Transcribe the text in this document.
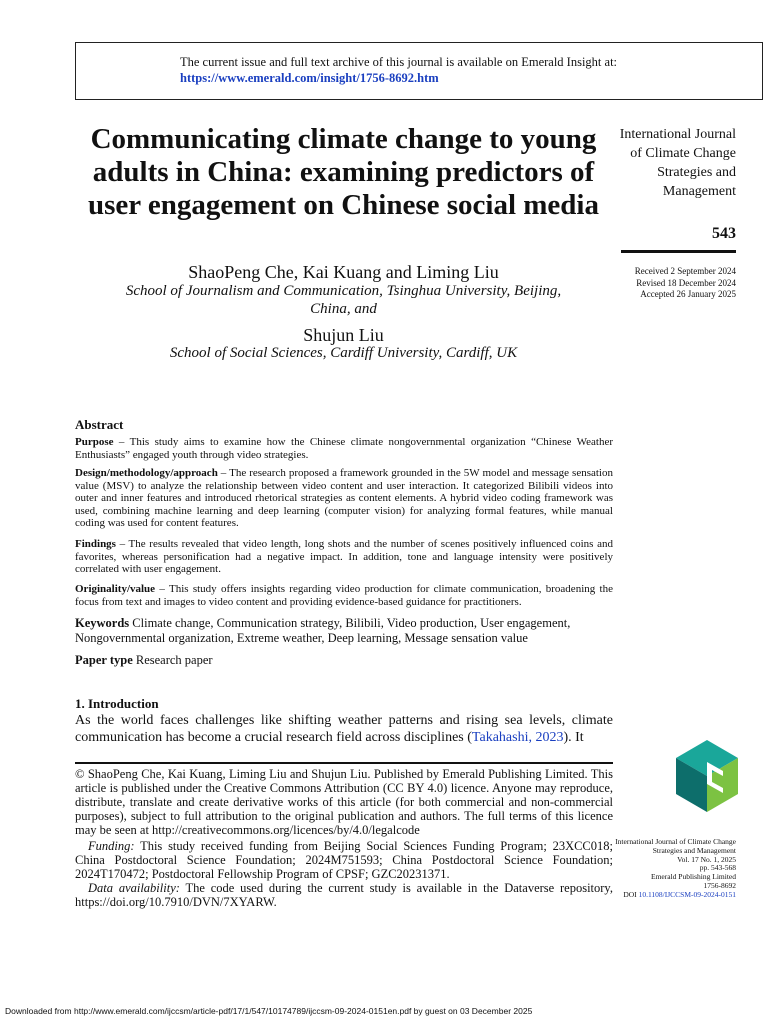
The current issue and full text archive of this journal is available on Emerald Insight at:
https://www.emerald.com/insight/1756-8692.htm
Communicating climate change to young adults in China: examining predictors of user engagement on Chinese social media
ShaoPeng Che, Kai Kuang and Liming Liu
School of Journalism and Communication, Tsinghua University, Beijing, China, and
Shujun Liu
School of Social Sciences, Cardiff University, Cardiff, UK
International Journal of Climate Change Strategies and Management
543
Received 2 September 2024
Revised 18 December 2024
Accepted 26 January 2025
Abstract
Purpose – This study aims to examine how the Chinese climate nongovernmental organization “Chinese Weather Enthusiasts” engaged youth through video strategies.
Design/methodology/approach – The research proposed a framework grounded in the 5W model and message sensation value (MSV) to analyze the relationship between video content and user interaction. It categorized Bilibili videos into outer and inner features and introduced rhetorical strategies as content elements. A hybrid video coding framework was used, combining machine learning and deep learning (computer vision) for analyzing formal features, while manual coding was used for content features.
Findings – The results revealed that video length, long shots and the number of scenes positively influenced coins and favorites, whereas personification had a negative impact. In addition, tone and language intensity were positively correlated with user engagement.
Originality/value – This study offers insights regarding video production for climate communication, broadening the focus from text and images to video content and providing evidence-based guidance for practitioners.
Keywords Climate change, Communication strategy, Bilibili, Video production, User engagement, Nongovernmental organization, Extreme weather, Deep learning, Message sensation value
Paper type Research paper
1. Introduction
As the world faces challenges like shifting weather patterns and rising sea levels, climate communication has become a crucial research field across disciplines (Takahashi, 2023). It
© ShaoPeng Che, Kai Kuang, Liming Liu and Shujun Liu. Published by Emerald Publishing Limited. This article is published under the Creative Commons Attribution (CC BY 4.0) licence. Anyone may reproduce, distribute, translate and create derivative works of this article (for both commercial and non-commercial purposes), subject to full attribution to the original publication and authors. The full terms of this licence may be seen at http://creativecommons.org/licences/by/4.0/legalcode
Funding: This study received funding from Beijing Social Sciences Funding Program; 23XCC018; China Postdoctoral Science Foundation; 2024M751593; China Postdoctoral Science Foundation; 2024T170472; Postdoctoral Fellowship Program of CPSF; GZC20231371.
Data availability: The code used during the current study is available in the Dataverse repository, https://doi.org/10.7910/DVN/7XYARW.
International Journal of Climate Change Strategies and Management
Vol. 17 No. 1, 2025
pp. 543-568
Emerald Publishing Limited
1756-8692
DOI 10.1108/IJCCSM-09-2024-0151
Downloaded from http://www.emerald.com/ijccsm/article-pdf/17/1/547/10174789/ijccsm-09-2024-0151en.pdf by guest on 03 December 2025
